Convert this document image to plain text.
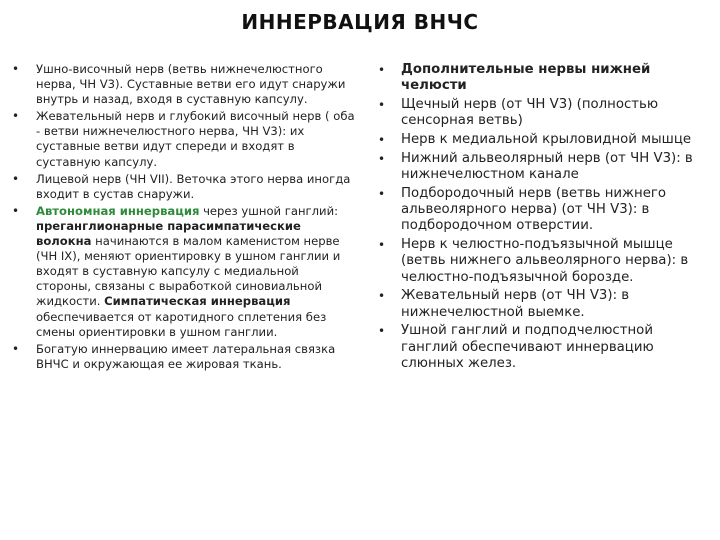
ИННЕРВАЦИЯ ВНЧС
• Ушно-височный нерв (ветвь нижнечелюстного нерва, ЧН V3). Суставные ветви его идут снаружи внутрь и назад, входя в суставную капсулу.
• Жевательный нерв и глубокий височный нерв ( оба - ветви нижнечелюстного нерва, ЧН V3): их суставные ветви идут спереди и входят в суставную капсулу.
• Лицевой нерв (ЧН VII). Веточка этого нерва иногда входит в сустав снаружи.
• Автономная иннервация через ушной ганглий: преганглионарные парасимпатические волокна начинаются в малом каменистом нерве (ЧН IX), меняют ориентировку в ушном ганглии и входят в суставную капсулу с медиальной стороны, связаны с выработкой синовиальной жидкости. Симпатическая иннервация обеспечивается от каротидного сплетения без смены ориентировки в ушном ганглии.
• Богатую иннервацию имеет латеральная связка ВНЧС и окружающая ее жировая ткань.
• Дополнительные нервы нижней челюсти
• Щечный нерв (от ЧН V3) (полностью сенсорная ветвь)
• Нерв к медиальной крыловидной мышце
• Нижний альвеолярный нерв (от ЧН V3): в нижнечелюстном канале
• Подбородочный нерв (ветвь нижнего альвеолярного нерва) (от ЧН V3): в подбородочном отверстии.
• Нерв к челюстно-подъязычной мышце (ветвь нижнего альвеолярного нерва): в челюстно-подъязычной борозде.
• Жевательный нерв (от ЧН V3): в нижнечелюстной выемке.
• Ушной ганглий и подподчелюстной ганглий обеспечивают иннервацию слюнных желез.
